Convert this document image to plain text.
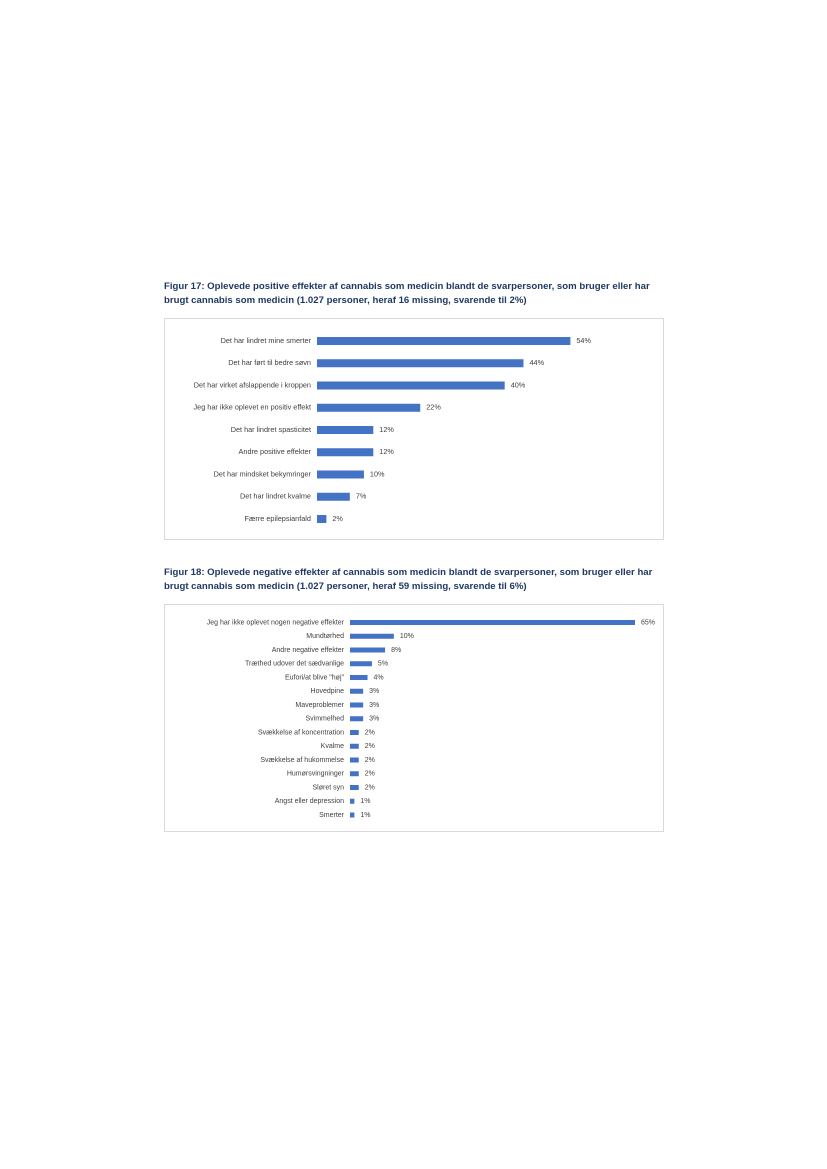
Figur 17: Oplevede positive effekter af cannabis som medicin blandt de svarpersoner, som bruger eller har brugt cannabis som medicin (1.027 personer, heraf 16 missing, svarende til 2%)
Det har lindret mine smerter	54%
Det har ført til bedre søvn	44%
Det har virket afslappende i kroppen	40%
Jeg har ikke oplevet en positiv effekt	22%
Det har lindret spasticitet	12%
Andre positive effekter	12%
Det har mindsket bekymringer	10%
Det har lindret kvalme	7%
Færre epilepsianfald	2%
Figur 18: Oplevede negative effekter af cannabis som medicin blandt de svarpersoner, som bruger eller har brugt cannabis som medicin (1.027 personer, heraf 59 missing, svarende til 6%)
Jeg har ikke oplevet nogen negative effekter	65%
Mundtørhed	10%
Andre negative effekter	8%
Træthed udover det sædvanlige	5%
Eufori/at blive "høj"	4%
Hovedpine	3%
Maveproblemer	3%
Svimmelhed	3%
Svækkelse af koncentration	2%
Kvalme	2%
Svækkelse af hukommelse	2%
Humørsvingninger	2%
Sløret syn	2%
Angst eller depression 1%
Smerter 1%
